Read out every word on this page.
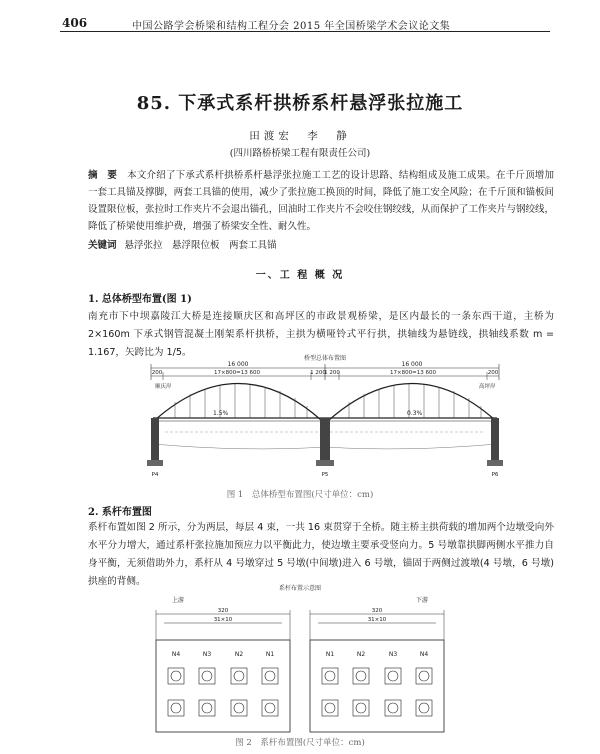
406	中国公路学会桥梁和结构工程分会 2015 年全国桥梁学术会议论文集
85. 下承式系杆拱桥系杆悬浮张拉施工
田渡宏　李　静
(四川路桥桥梁工程有限责任公司)
摘　要 本文介绍了下承式系杆拱桥系杆悬浮张拉施工工艺的设计思路、结构组成及施工成果。在千斤顶增加一套工具锚及撑脚，两套工具锚的使用，减少了张拉施工换顶的时间，降低了施工安全风险；在千斤顶和锚板间设置限位板，张拉时工作夹片不会退出锚孔，回油时工作夹片不会咬住钢绞线，从而保护了工作夹片与钢绞线，降低了桥梁使用维护费，增强了桥梁安全性、耐久性。
关键词 悬浮张拉　悬浮限位板　两套工具锚
一、工 程 概 况
1. 总体桥型布置(图 1)
南充市下中坝嘉陵江大桥是连接顺庆区和高坪区的市政景观桥梁，是区内最长的一条东西干道，主桥为 2×160m 下承式钢管混凝土刚架系杆拱桥，主拱为横哑铃式平行拱，拱轴线为悬链线，拱轴线系数 m = 1.167，矢跨比为 1/5。
桥型总体布置图
16 000	16 000
200	17×800=13 600	1 200
1 200	17×800=13 600	200
顺庆岸	高坪岸
1.5%	0.3%
P4	P5	P6
图 1　总体桥型布置图(尺寸单位：cm)
2. 系杆布置图
系杆布置如图 2 所示，分为两层，每层 4 束，一共 16 束贯穿于全桥。随主桥主拱荷载的增加两个边墩受向外水平分力增大，通过系杆张拉施加预应力以平衡此力，使边墩主要承受竖向力。5 号墩靠拱脚两侧水平推力自身平衡，无须借助外力，系杆从 4 号墩穿过 5 号墩(中间墩)进入 6 号墩，锚固于两侧过渡墩(4 号墩，6 号墩)拱座的背侧。
系杆布置示意图
上游	下游
320
31×10
320
31×10
N4	N3	N2	N1	N1	N2	N3	N4
图 2　系杆布置图(尺寸单位：cm)
